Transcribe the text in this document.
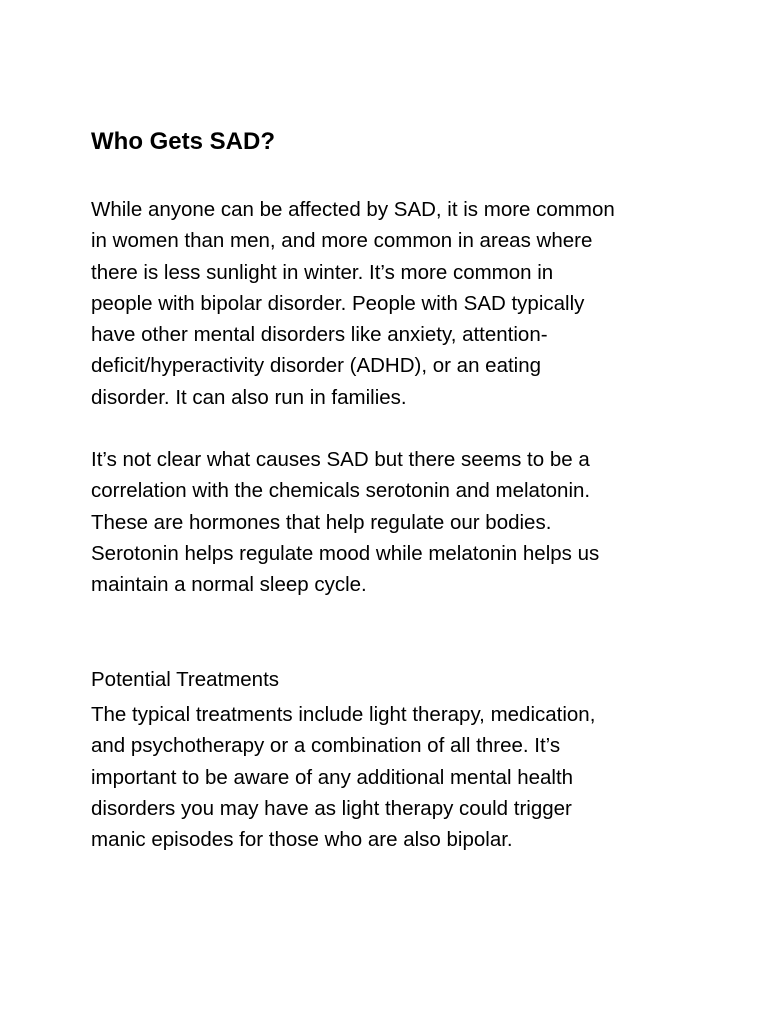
Who Gets SAD?

While anyone can be affected by SAD, it is more common
in women than men, and more common in areas where
there is less sunlight in winter. It’s more common in
people with bipolar disorder. People with SAD typically
have other mental disorders like anxiety, attention-
deficit/hyperactivity disorder (ADHD), or an eating
disorder. It can also run in families.

It’s not clear what causes SAD but there seems to be a
correlation with the chemicals serotonin and melatonin.
These are hormones that help regulate our bodies.
Serotonin helps regulate mood while melatonin helps us
maintain a normal sleep cycle.

Potential Treatments

The typical treatments include light therapy, medication,
and psychotherapy or a combination of all three. It’s
important to be aware of any additional mental health
disorders you may have as light therapy could trigger
manic episodes for those who are also bipolar.
